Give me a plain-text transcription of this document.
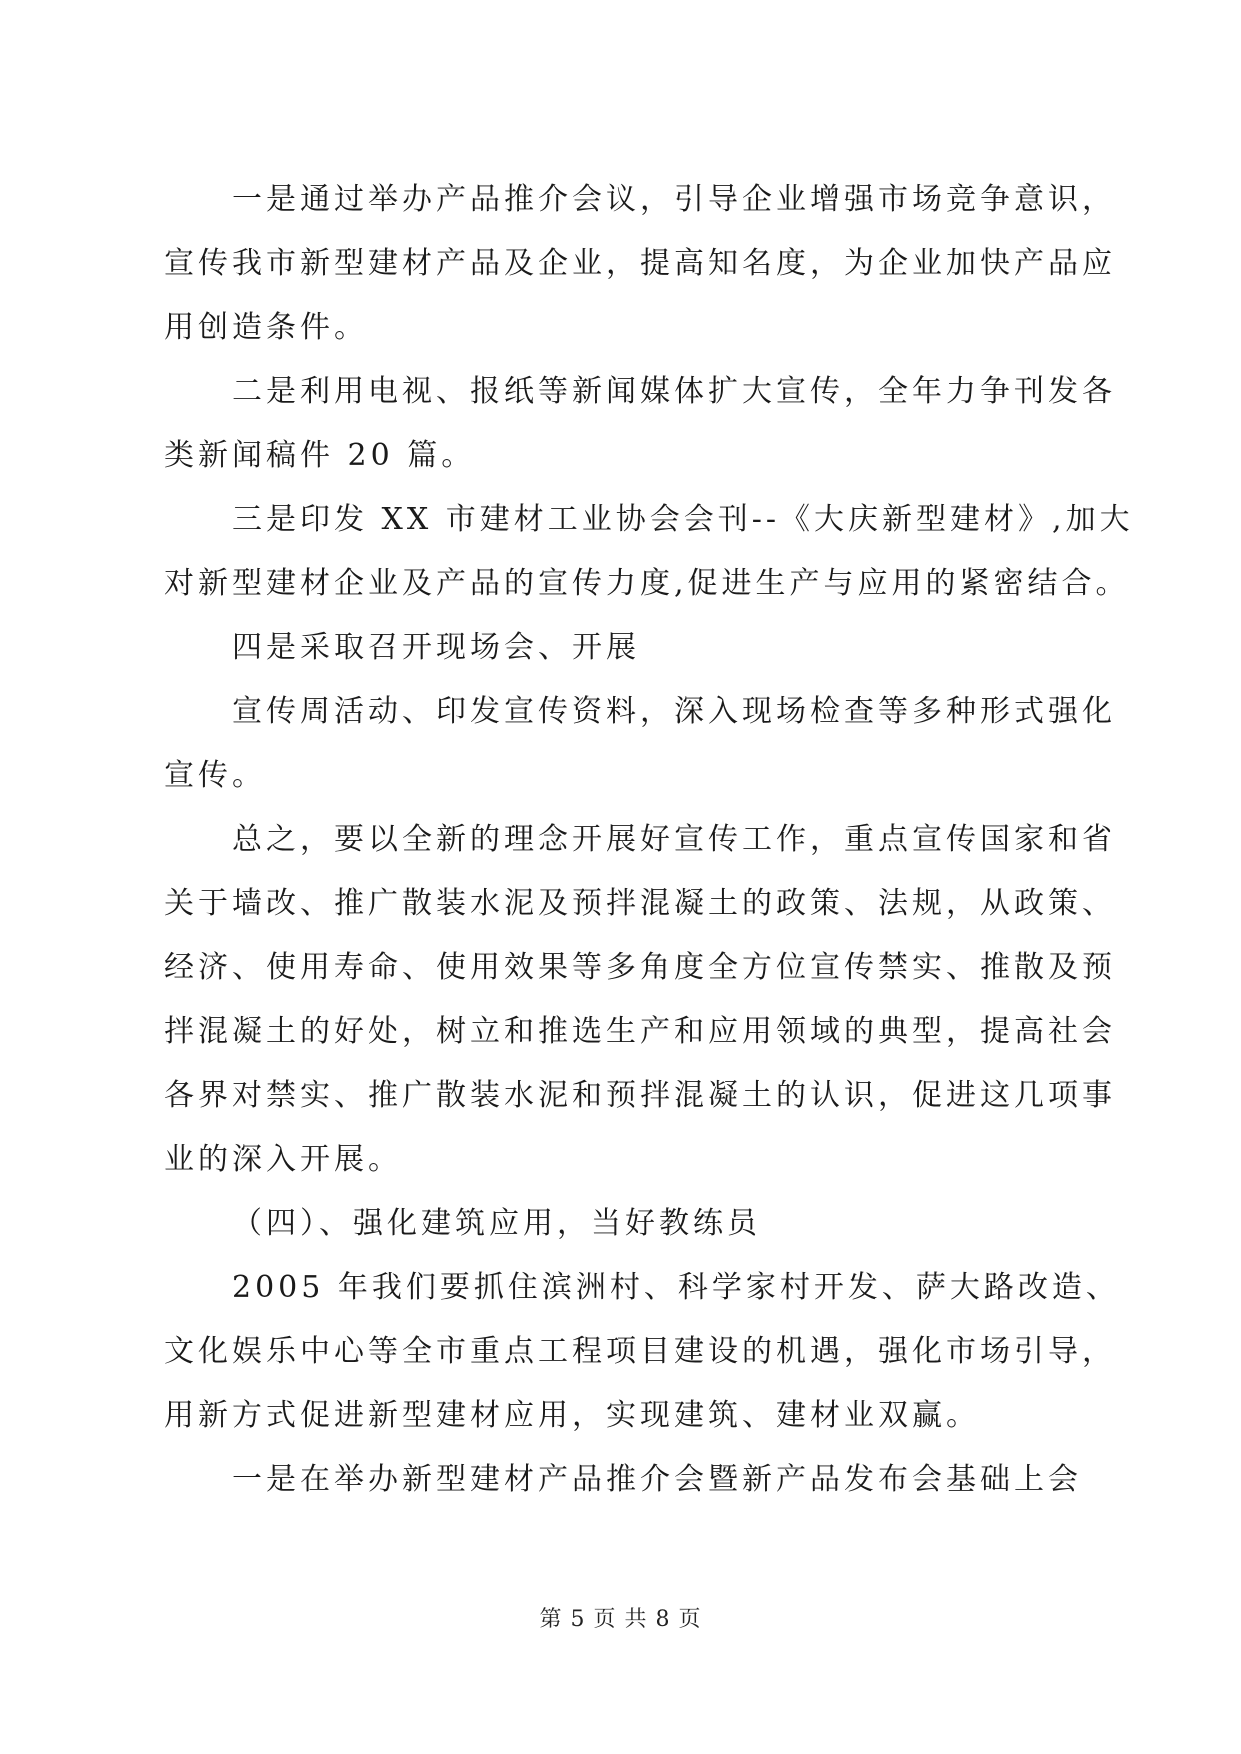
一是通过举办产品推介会议，引导企业增强市场竞争意识，
宣传我市新型建材产品及企业，提高知名度，为企业加快产品应
用创造条件。
二是利用电视、报纸等新闻媒体扩大宣传，全年力争刊发各
类新闻稿件 20 篇。
三是印发 XX 市建材工业协会会刊--《大庆新型建材》,加大
对新型建材企业及产品的宣传力度,促进生产与应用的紧密结合。
四是采取召开现场会、开展
宣传周活动、印发宣传资料，深入现场检查等多种形式强化
宣传。
总之，要以全新的理念开展好宣传工作，重点宣传国家和省
关于墙改、推广散装水泥及预拌混凝土的政策、法规，从政策、
经济、使用寿命、使用效果等多角度全方位宣传禁实、推散及预
拌混凝土的好处，树立和推选生产和应用领域的典型，提高社会
各界对禁实、推广散装水泥和预拌混凝土的认识，促进这几项事
业的深入开展。
（四）、强化建筑应用，当好教练员
2005 年我们要抓住滨洲村、科学家村开发、萨大路改造、
文化娱乐中心等全市重点工程项目建设的机遇，强化市场引导，
用新方式促进新型建材应用，实现建筑、建材业双赢。
一是在举办新型建材产品推介会暨新产品发布会基础上会
第 5 页 共 8 页
